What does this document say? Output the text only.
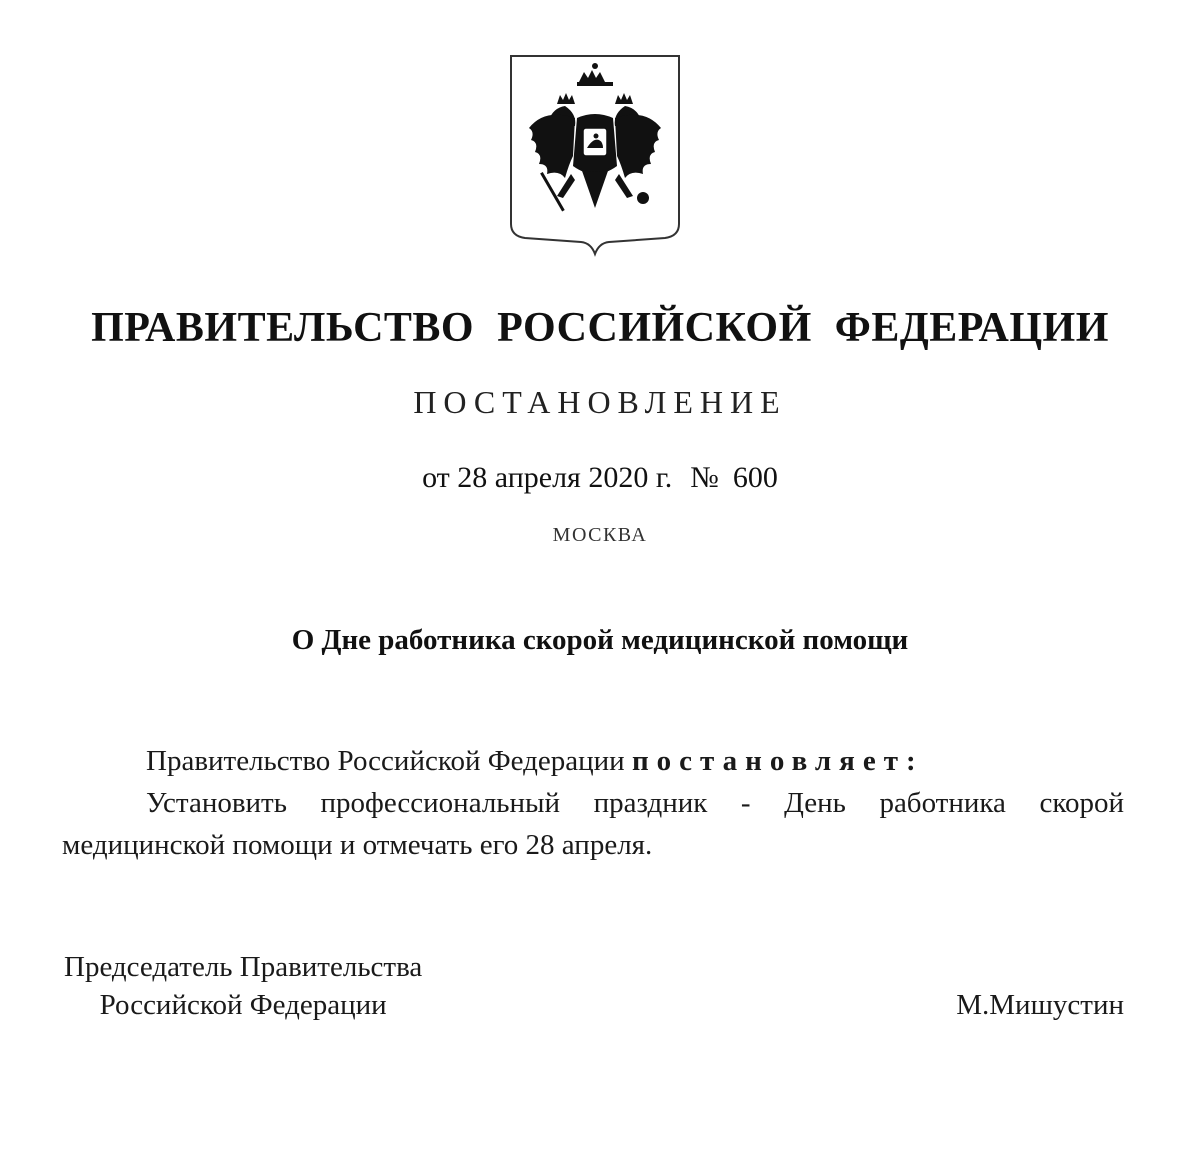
ПРАВИТЕЛЬСТВО РОССИЙСКОЙ ФЕДЕРАЦИИ
ПОСТАНОВЛЕНИЕ
от 28 апреля 2020 г. № 600
МОСКВА
О Дне работника скорой медицинской помощи

Правительство Российской Федерации постановляет:

Установить профессиональный праздник - День работника скорой медицинской помощи и отмечать его 28 апреля.

Председатель Правительства
Российской Федерации	М.Мишустин
